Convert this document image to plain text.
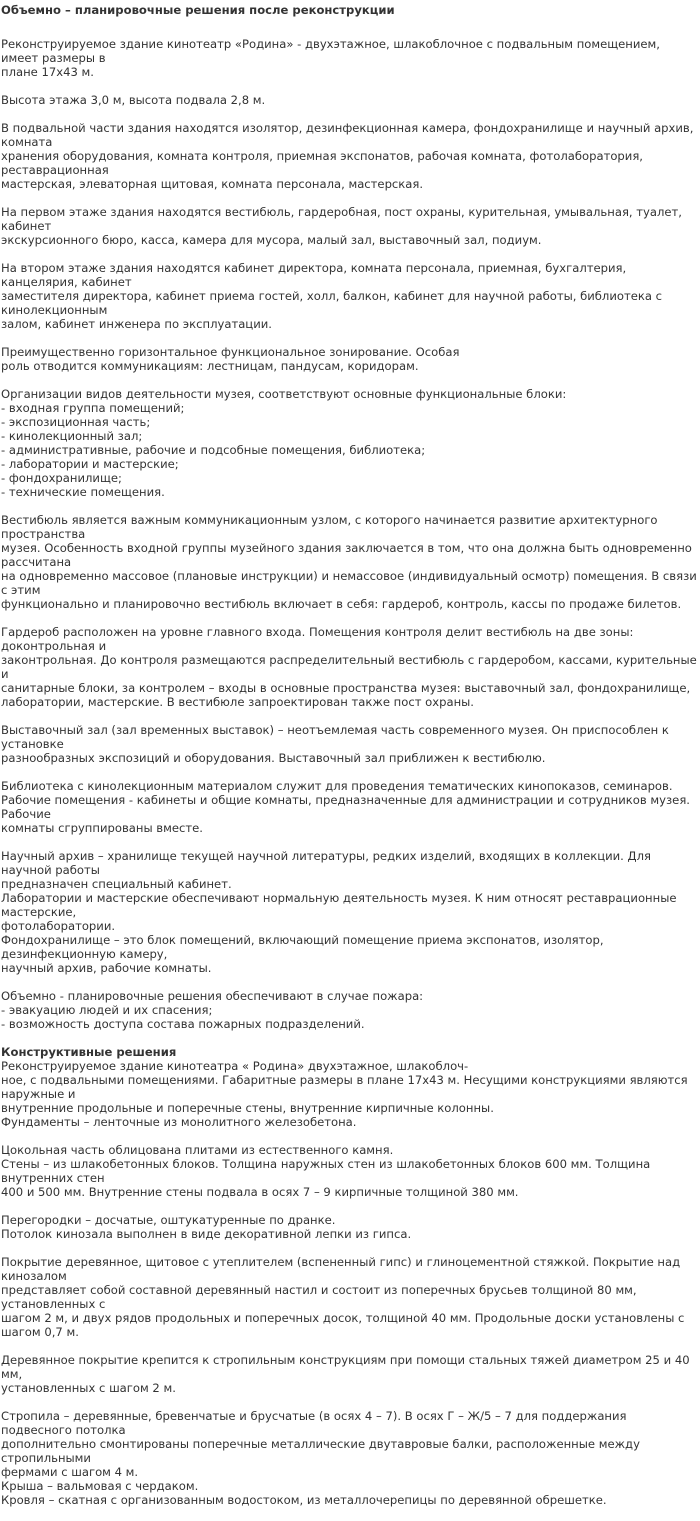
Объемно – планировочные решения после реконструкции
Реконструируемое здание кинотеатр «Родина» - двухэтажное, шлакоблочное с подвальным помещением, имеет размеры в
плане 17х43 м.
Высота этажа 3,0 м, высота подвала 2,8 м.
В подвальной части здания находятся изолятор, дезинфекционная камера, фондохранилище и научный архив, комната
хранения оборудования, комната контроля, приемная экспонатов, рабочая комната, фотолаборатория, реставрационная
мастерская, элеваторная щитовая, комната персонала, мастерская.
На первом этаже здания находятся вестибюль, гардеробная, пост охраны, курительная, умывальная, туалет, кабинет
экскурсионного бюро, касса, камера для мусора, малый зал, выставочный зал, подиум.
На втором этаже здания находятся кабинет директора, комната персонала, приемная, бухгалтерия, канцелярия, кабинет
заместителя директора, кабинет приема гостей, холл, балкон, кабинет для научной работы, библиотека с кинолекционным
залом, кабинет инженера по эксплуатации.
Преимущественно горизонтальное функциональное зонирование. Особая
роль отводится коммуникациям: лестницам, пандусам, коридорам.
Организации видов деятельности музея, соответствуют основные функциональные блоки:
- входная группа помещений;
- экспозиционная часть;
- кинолекционный зал;
- административные, рабочие и подсобные помещения, библиотека;
- лаборатории и мастерские;
- фондохранилище;
- технические помещения.
Вестибюль является важным коммуникационным узлом, с которого начинается развитие архитектурного пространства
музея. Особенность входной группы музейного здания заключается в том, что она должна быть одновременно рассчитана
на одновременно массовое (плановые инструкции) и немассовое (индивидуальный осмотр) помещения. В связи с этим
функционально и планировочно вестибюль включает в себя: гардероб, контроль, кассы по продаже билетов.
Гардероб расположен на уровне главного входа. Помещения контроля делит вестибюль на две зоны: доконтрольная и
законтрольная. До контроля размещаются распределительный вестибюль с гардеробом, кассами, курительные и
санитарные блоки, за контролем – входы в основные пространства музея: выставочный зал, фондохранилище,
лаборатории, мастерские. В вестибюле запроектирован также пост охраны.
Выставочный зал (зал временных выставок) – неотъемлемая часть современного музея. Он приспособлен к установке
разнообразных экспозиций и оборудования. Выставочный зал приближен к вестибюлю.
Библиотека с кинолекционным материалом служит для проведения тематических кинопоказов, семинаров.
Рабочие помещения - кабинеты и общие комнаты, предназначенные для администрации и сотрудников музея. Рабочие
комнаты сгруппированы вместе.
Научный архив – хранилище текущей научной литературы, редких изделий, входящих в коллекции. Для научной работы
предназначен специальный кабинет.
Лаборатории и мастерские обеспечивают нормальную деятельность музея. К ним относят реставрационные мастерские,
фотолаборатории.
Фондохранилище – это блок помещений, включающий помещение приема экспонатов, изолятор, дезинфекционную камеру,
научный архив, рабочие комнаты.
Объемно - планировочные решения обеспечивают в случае пожара:
- эвакуацию людей и их спасения;
- возможность доступа состава пожарных подразделений.
Конструктивные решения
Реконструируемое здание кинотеатра « Родина» двухэтажное, шлакоблоч-
ное, с подвальными помещениями. Габаритные размеры в плане 17х43 м. Несущими конструкциями являются наружные и
внутренние продольные и поперечные стены, внутренние кирпичные колонны.
Фундаменты – ленточные из монолитного железобетона.
Цокольная часть облицована плитами из естественного камня.
Стены – из шлакобетонных блоков. Толщина наружных стен из шлакобетонных блоков 600 мм. Толщина внутренних стен
400 и 500 мм. Внутренние стены подвала в осях 7 – 9 кирпичные толщиной 380 мм.
Перегородки – досчатые, оштукатуренные по дранке.
Потолок кинозала выполнен в виде декоративной лепки из гипса.
Покрытие деревянное, щитовое с утеплителем (вспененный гипс) и глиноцементной стяжкой. Покрытие над кинозалом
представляет собой составной деревянный настил и состоит из поперечных брусьев толщиной 80 мм, установленных с
шагом 2 м, и двух рядов продольных и поперечных досок, толщиной 40 мм. Продольные доски установлены с шагом 0,7 м.
Деревянное покрытие крепится к стропильным конструкциям при помощи стальных тяжей диаметром 25 и 40 мм,
установленных с шагом 2 м.
Стропила – деревянные, бревенчатые и брусчатые (в осях 4 – 7). В осях Г – Ж/5 – 7 для поддержания подвесного потолка
дополнительно смонтированы поперечные металлические двутавровые балки, расположенные между стропильными
фермами с шагом 4 м.
Крыша – вальмовая с чердаком.
Кровля – скатная с организованным водостоком, из металлочерепицы по деревянной обрешетке.
